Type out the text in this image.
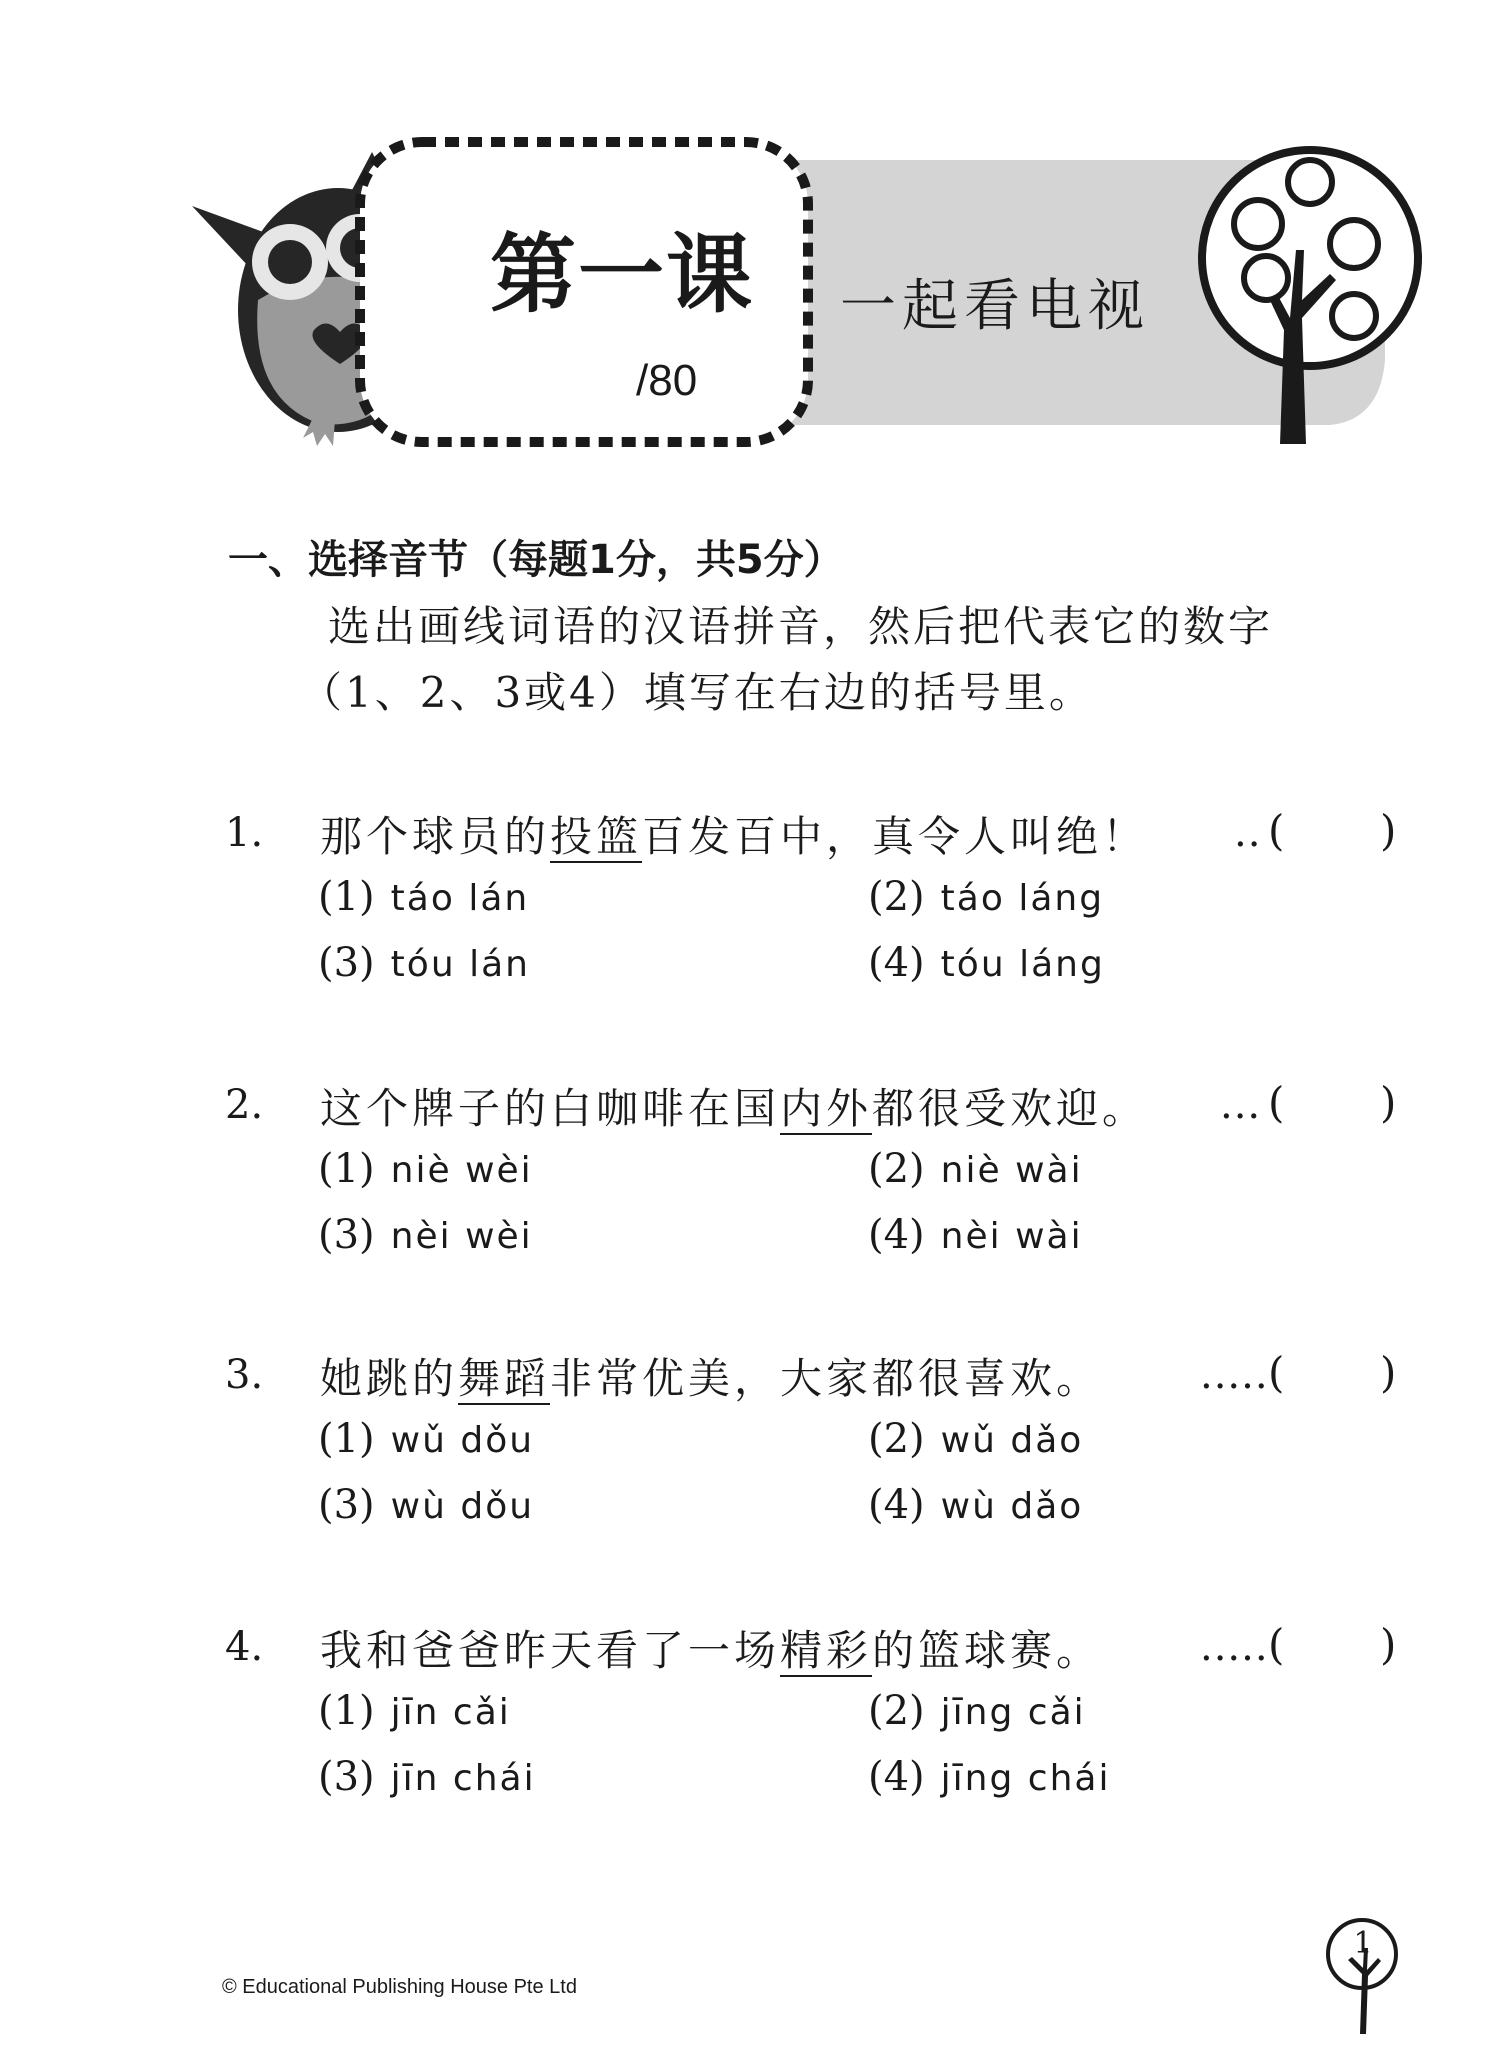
第一课
/80
一起看电视
一、选择音节（每题1分，共5分）
选出画线词语的汉语拼音，然后把代表它的数字
（1、2、3或4）填写在右边的括号里。
1. 那个球员的投篮百发百中，真令人叫绝！ .. ( )
(1) táo lán	(2) táo láng
(3) tóu lán	(4) tóu láng
2. 这个牌子的白咖啡在国内外都很受欢迎。 ... ( )
(1) niè wèi	(2) niè wài
(3) nèi wèi	(4) nèi wài
3. 她跳的舞蹈非常优美，大家都很喜欢。 ..... ( )
(1) wǔ dǒu	(2) wǔ dǎo
(3) wù dǒu	(4) wù dǎo
4. 我和爸爸昨天看了一场精彩的篮球赛。 ..... ( )
(1) jīn cǎi	(2) jīng cǎi
(3) jīn chái	(4) jīng chái
© Educational Publishing House Pte Ltd
1
